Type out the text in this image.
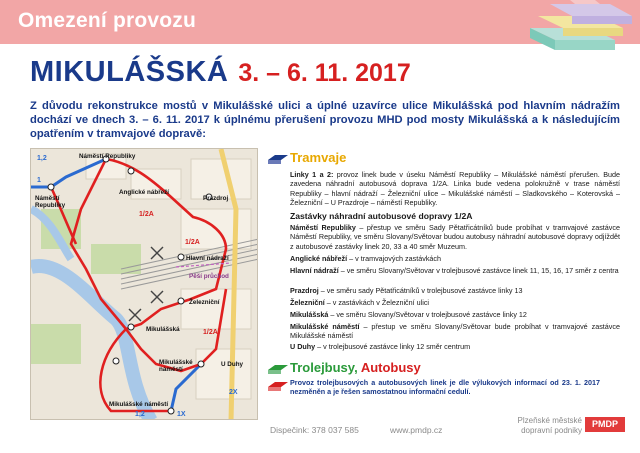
Omezení provozu
MIKULÁŠSKÁ 3. – 6. 11. 2017
Z důvodu rekonstrukce mostů v Mikulášské ulici a úplné uzavírce ulice Mikulášská pod hlavním nádražím dochází ve dnech 3. – 6. 11. 2017 k úplnému přerušení provozu MHD pod mosty Mikulášská a k následujícím opatřením v tramvajové dopravě:
Náměstí Republiky
Náměstí Republiky
Anglické nábřeží
Prazdroj
Hlavní nádraží
Pěší průchod
Železniční
Mikulášská
Mikulášské náměstí
U Duhy
Mikulášské náměstí
1,2
1
1/2A
1/2A
1/2A
2X
1X
1,2
Tramvaje
Linky 1 a 2: provoz linek bude v úseku Náměstí Republiky – Mikulášské náměstí přerušen. Bude zavedena náhradní autobusová doprava 1/2A. Linka bude vedena polokružně v trase náměstí Republiky – hlavní nádraží – Železniční ulice – Mikulášské náměstí – Sladkovského – Koterovská – Železniční – U Prazdroje – náměstí Republiky.
Zastávky náhradní autobusové dopravy 1/2A
Náměstí Republiky – přestup ve směru Sady Pětatřicátníků bude probíhat v tramvajové zastávce Náměstí Republiky, ve směru Slovany/Světovar budou autobusy náhradní autobusové dopravy odjíždět z autobusové zastávky linek 20, 33 a 40 směr Muzeum.
Anglické nábřeží – v tramvajových zastávkách
Hlavní nádraží – ve směru Slovany/Světovar v trolejbusové zastávce linek 11, 15, 16, 17 směr z centra
Prazdroj – ve směru sady Pětatřicátníků v trolejbusové zastávce linky 13
Železniční – v zastávkách v Železniční ulici
Mikulášská – ve směru Slovany/Světovar v trolejbusové zastávce linky 12
Mikulášské náměstí – přestup ve směru Slovany/Světovar bude probíhat v tramvajové zastávce Mikulášské náměstí
U Duhy – v trolejbusové zastávce linky 12 směr centrum
Trolejbusy, Autobusy
Provoz trolejbusových a autobusových linek je dle výlukových informací od 23. 1. 2017 nezměněn a je řešen samostatnou informační cedulí.
Dispečink: 378 037 585	www.pmdp.cz
Plzeňské městské
dopravní podniky
PMDP
